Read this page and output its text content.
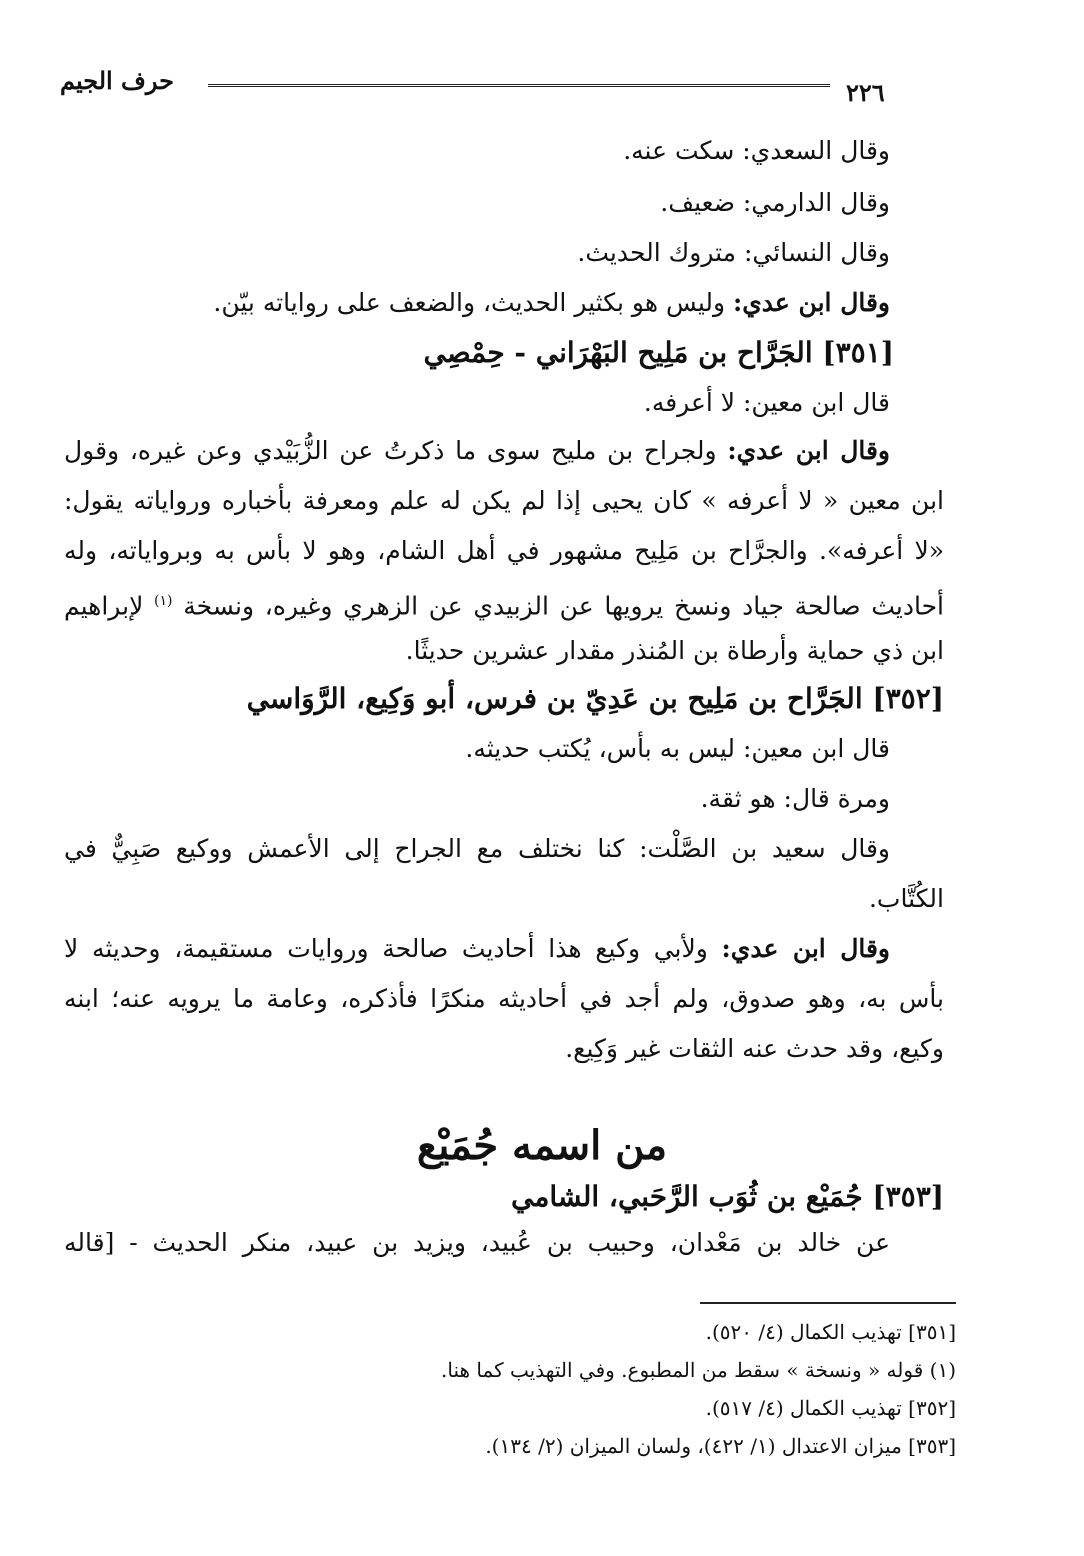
حرف الجيم	٢٢٦
وقال السعدي: سكت عنه.
وقال الدارمي: ضعيف.
وقال النسائي: متروك الحديث.
وقال ابن عدي: وليس هو بكثير الحديث، والضعف على رواياته بيّن.
[٣٥١] الجَرَّاح بن مَلِيح البَهْرَاني - حِمْصِي
قال ابن معين: لا أعرفه.
وقال ابن عدي: ولجراح بن مليح سوى ما ذكرتُ عن الزُّبَيْدي وعن غيره، وقول
ابن معين « لا أعرفه » كان يحيى إذا لم يكن له علم ومعرفة بأخباره ورواياته يقول:
«لا أعرفه». والجرَّاح بن مَلِيح مشهور في أهل الشام، وهو لا بأس به وبرواياته، وله
أحاديث صالحة جياد ونسخ يرويها عن الزبيدي عن الزهري وغيره، ونسخة $^{(١)}$ لإبراهيم
ابن ذي حماية وأرطاة بن المُنذر مقدار عشرين حديثًا.
[٣٥٢] الجَرَّاح بن مَلِيح بن عَدِيّ بن فرس، أبو وَكِيع، الرَّوَاسي
قال ابن معين: ليس به بأس، يُكتب حديثه.
ومرة قال: هو ثقة.
وقال سعيد بن الصَّلْت: كنا نختلف مع الجراح إلى الأعمش ووكيع صَبِيٌّ في
الكُتَّاب.
وقال ابن عدي: ولأبي وكيع هذا أحاديث صالحة وروايات مستقيمة، وحديثه لا
بأس به، وهو صدوق، ولم أجد في أحاديثه منكرًا فأذكره، وعامة ما يرويه عنه؛ ابنه
وكيع، وقد حدث عنه الثقات غير وَكِيع.
من اسمه جُمَيْع
[٣٥٣] جُمَيْع بن ثُوَب الرَّحَبي، الشامي
عن خالد بن مَعْدان، وحبيب بن عُبيد، ويزيد بن عبيد، منكر الحديث - [قاله
[٣٥١] تهذيب الكمال (٤/ ٥٢٠).
(١) قوله « ونسخة » سقط من المطبوع. وفي التهذيب كما هنا.
[٣٥٢] تهذيب الكمال (٤/ ٥١٧).
[٣٥٣] ميزان الاعتدال (١/ ٤٢٢)، ولسان الميزان (٢/ ١٣٤).
